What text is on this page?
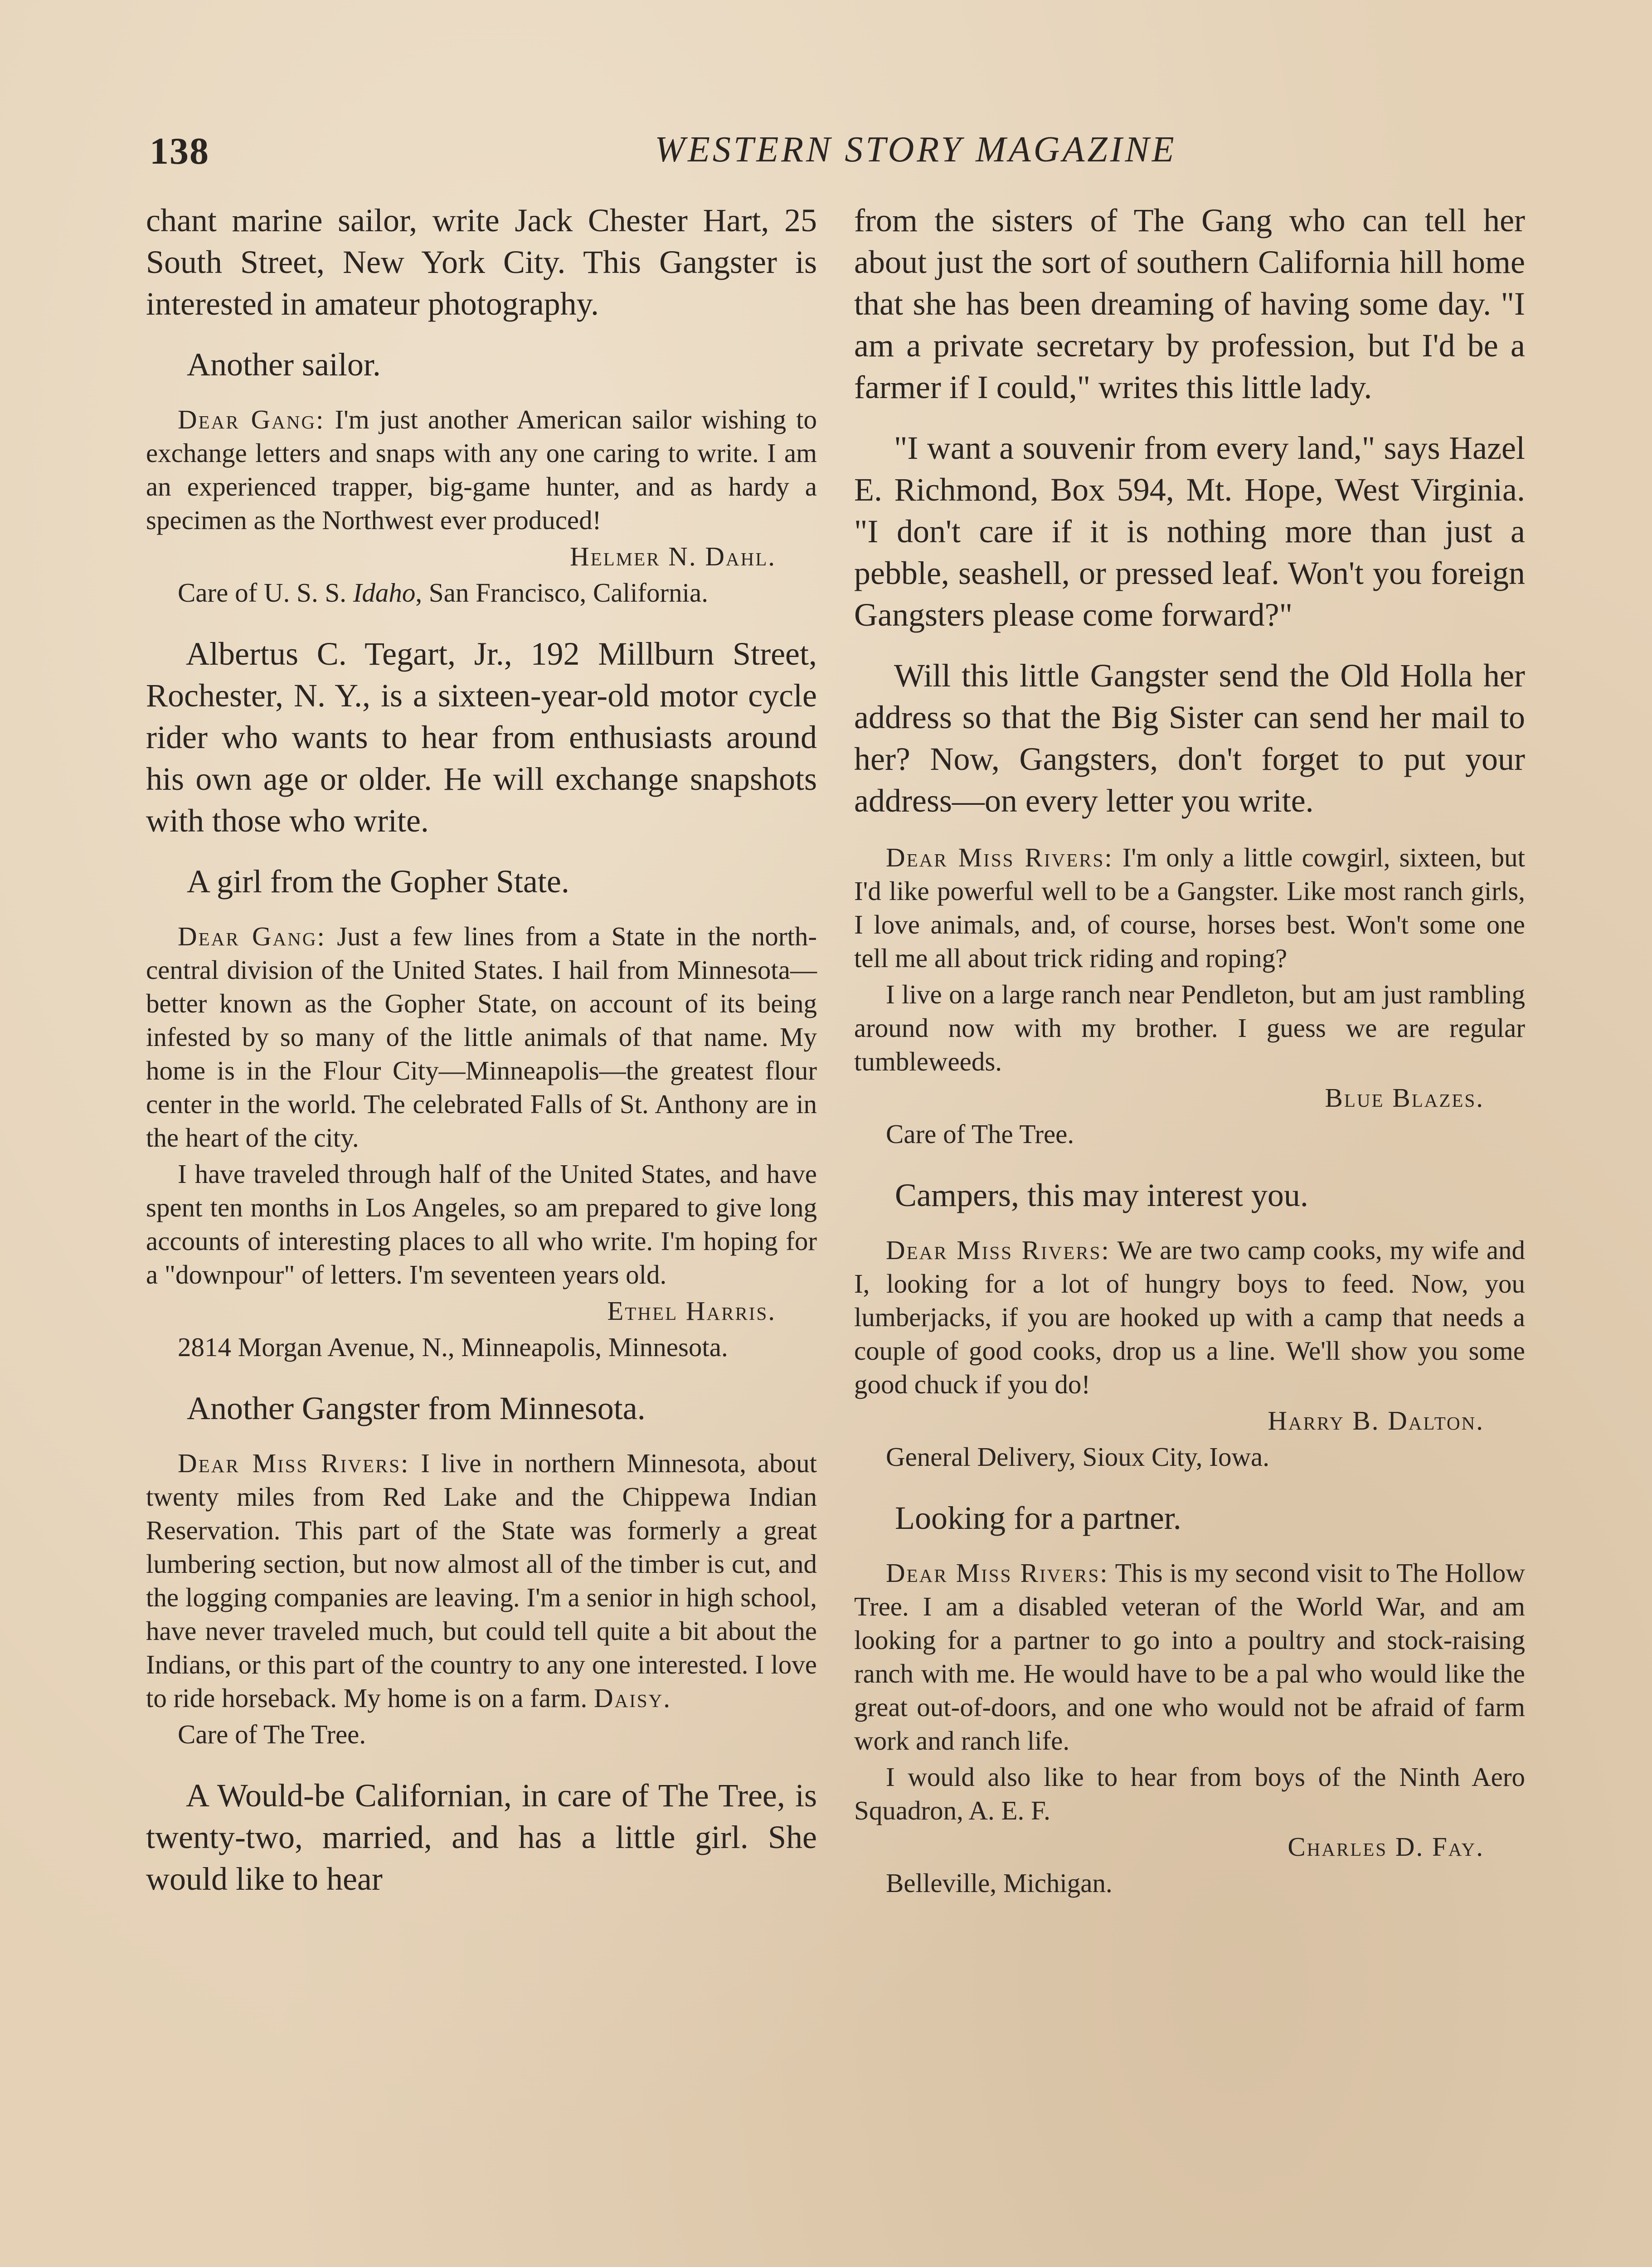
138	WESTERN STORY MAGAZINE

chant marine sailor, write Jack Chester Hart, 25 South Street, New York City. This Gangster is interested in amateur photography.

Another sailor.

Dear Gang: I'm just another American sailor wishing to exchange letters and snaps with any one caring to write. I am an experienced trapper, big-game hunter, and as hardy a specimen as the Northwest ever produced!

Helmer N. Dahl.
Care of U. S. S. Idaho, San Francisco, California.

Albertus C. Tegart, Jr., 192 Millburn Street, Rochester, N. Y., is a sixteen-year-old motor cycle rider who wants to hear from enthusiasts around his own age or older. He will exchange snapshots with those who write.

A girl from the Gopher State.

Dear Gang: Just a few lines from a State in the north-central division of the United States. I hail from Minnesota—better known as the Gopher State, on account of its being infested by so many of the little animals of that name. My home is in the Flour City—Minneapolis—the greatest flour center in the world. The celebrated Falls of St. Anthony are in the heart of the city.

I have traveled through half of the United States, and have spent ten months in Los Angeles, so am prepared to give long accounts of interesting places to all who write. I'm hoping for a "downpour" of letters. I'm seventeen years old.

Ethel Harris.
2814 Morgan Avenue, N., Minneapolis, Minnesota.
Another Gangster from Minnesota.

Dear Miss Rivers: I live in northern Minnesota, about twenty miles from Red Lake and the Chippewa Indian Reservation. This part of the State was formerly a great lumbering section, but now almost all of the timber is cut, and the logging companies are leaving. I'm a senior in high school, have never traveled much, but could tell quite a bit about the Indians, or this part of the country to any one interested. I love to ride horseback. My home is on a farm. Daisy.

Care of The Tree.

A Would-be Californian, in care of The Tree, is twenty-two, married, and has a little girl. She would like to hear

from the sisters of The Gang who can tell her about just the sort of southern California hill home that she has been dreaming of having some day. "I am a private secretary by profession, but I'd be a farmer if I could," writes this little lady.

"I want a souvenir from every land," says Hazel E. Richmond, Box 594, Mt. Hope, West Virginia. "I don't care if it is nothing more than just a pebble, seashell, or pressed leaf. Won't you foreign Gangsters please come forward?"

Will this little Gangster send the Old Holla her address so that the Big Sister can send her mail to her? Now, Gangsters, don't forget to put your address—on every letter you write.

Dear Miss Rivers: I'm only a little cowgirl, sixteen, but I'd like powerful well to be a Gangster. Like most ranch girls, I love animals, and, of course, horses best. Won't some one tell me all about trick riding and roping?

I live on a large ranch near Pendleton, but am just rambling around now with my brother. I guess we are regular tumbleweeds.

Blue Blazes.
Care of The Tree.
Campers, this may interest you.

Dear Miss Rivers: We are two camp cooks, my wife and I, looking for a lot of hungry boys to feed. Now, you lumberjacks, if you are hooked up with a camp that needs a couple of good cooks, drop us a line. We'll show you some good chuck if you do!

Harry B. Dalton.
General Delivery, Sioux City, Iowa.
Looking for a partner.

Dear Miss Rivers: This is my second visit to The Hollow Tree. I am a disabled veteran of the World War, and am looking for a partner to go into a poultry and stock-raising ranch with me. He would have to be a pal who would like the great out-of-doors, and one who would not be afraid of farm work and ranch life.

I would also like to hear from boys of the Ninth Aero Squadron, A. E. F.

Charles D. Fay.
Belleville, Michigan.
